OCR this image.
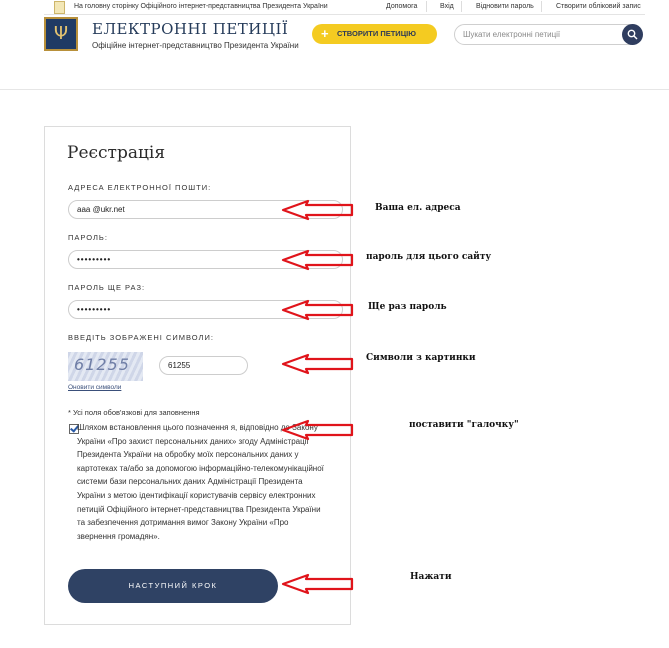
На головну сторінку Офіційного інтернет-представництва Президента України	Допомога	Вхід	Відновити пароль	Створити обліковий запис
Ψ	ЕЛЕКТРОННІ ПЕТИЦІЇ
Офіційне інтернет-представництво Президента України
+ СТВОРИТИ ПЕТИЦІЮ
Шукати електронні петиції
Реєстрація
АДРЕСА ЕЛЕКТРОННОЇ ПОШТИ:
ааа @ukr.net
ПАРОЛЬ:
•••••••••
ПАРОЛЬ ЩЕ РАЗ:
•••••••••
ВВЕДІТЬ ЗОБРАЖЕНІ СИМВОЛИ:
61255
Оновити символи
61255
* Усі поля обов'язкові для заповнення
Шляхом встановлення цього позначення я, відповідно до Закону України «Про захист персональних даних» згоду Адміністрації Президента України на обробку моїх персональних даних у картотеках та/або за допомогою інформаційно-телекомунікаційної системи бази персональних даних Адміністрації Президента України з метою ідентифікації користувачів сервісу електронних петицій Офіційного інтернет-представництва Президента України та забезпечення дотримання вимог Закону України «Про звернення громадян».
НАСТУПНИЙ КРОК
Ваша ел. адреса
пароль для цього сайту
Ще раз пароль
Символи з картинки
поставити "галочку"
Нажати
